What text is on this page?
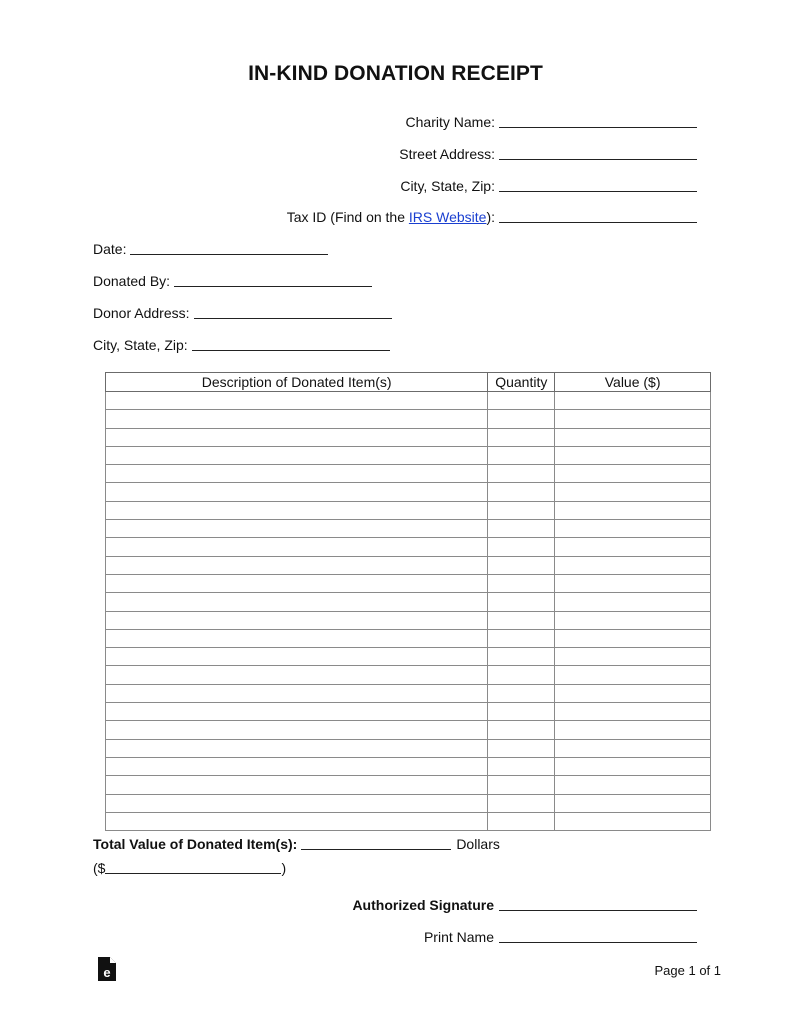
IN-KIND DONATION RECEIPT
Charity Name:
Street Address:
City, State, Zip:
Tax ID (Find on the IRS Website ):
Date:
Donated By:
Donor Address:
City, State, Zip:
Description of Donated Item(s)	Quantity	Value ($)

Total Value of Donated Item(s):	Dollars
($	)
Authorized Signature
Print Name
e	Page 1 of 1
